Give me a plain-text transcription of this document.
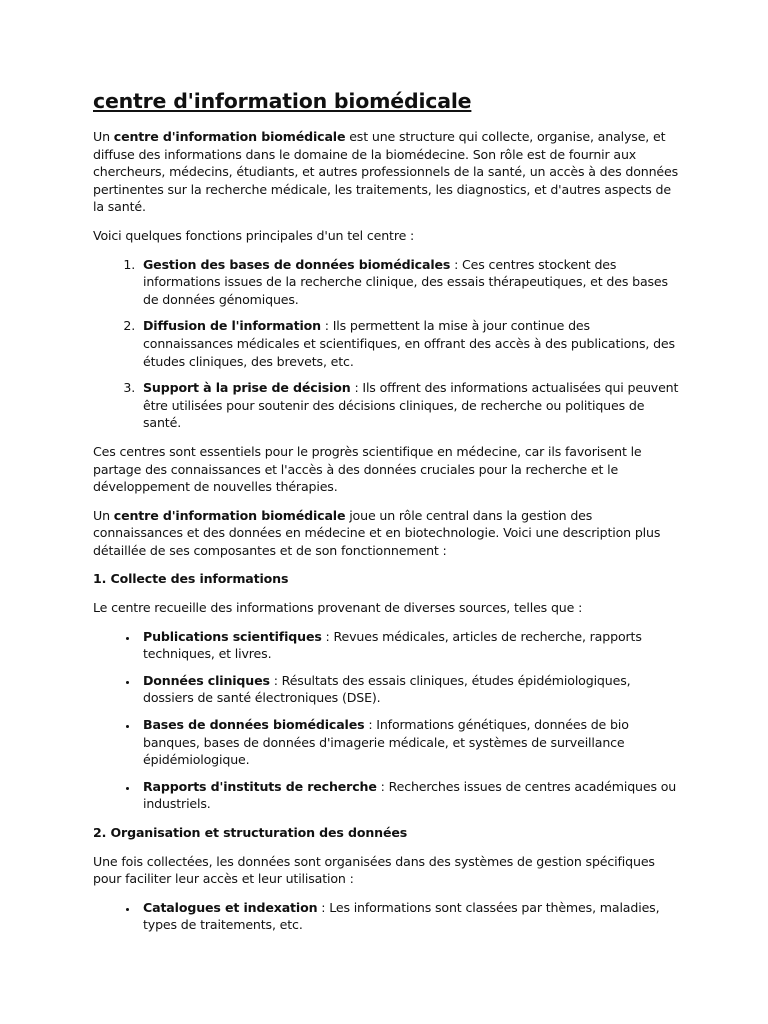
centre d'information biomédicale

Un centre d'information biomédicale est une structure qui collecte, organise, analyse, et diffuse des informations dans le domaine de la biomédecine. Son rôle est de fournir aux chercheurs, médecins, étudiants, et autres professionnels de la santé, un accès à des données pertinentes sur la recherche médicale, les traitements, les diagnostics, et d'autres aspects de la santé.

Voici quelques fonctions principales d'un tel centre :

1. Gestion des bases de données biomédicales : Ces centres stockent des informations issues de la recherche clinique, des essais thérapeutiques, et des bases de données génomiques.
2. Diffusion de l'information : Ils permettent la mise à jour continue des connaissances médicales et scientifiques, en offrant des accès à des publications, des études cliniques, des brevets, etc.
3. Support à la prise de décision : Ils offrent des informations actualisées qui peuvent être utilisées pour soutenir des décisions cliniques, de recherche ou politiques de santé.

Ces centres sont essentiels pour le progrès scientifique en médecine, car ils favorisent le partage des connaissances et l'accès à des données cruciales pour la recherche et le développement de nouvelles thérapies.

Un centre d'information biomédicale joue un rôle central dans la gestion des connaissances et des données en médecine et en biotechnologie. Voici une description plus détaillée de ses composantes et de son fonctionnement :

1. Collecte des informations

Le centre recueille des informations provenant de diverses sources, telles que :

• Publications scientifiques : Revues médicales, articles de recherche, rapports techniques, et livres.
• Données cliniques : Résultats des essais cliniques, études épidémiologiques, dossiers de santé électroniques (DSE).
• Bases de données biomédicales : Informations génétiques, données de bio banques, bases de données d'imagerie médicale, et systèmes de surveillance épidémiologique.
• Rapports d'instituts de recherche : Recherches issues de centres académiques ou industriels.

2. Organisation et structuration des données

Une fois collectées, les données sont organisées dans des systèmes de gestion spécifiques pour faciliter leur accès et leur utilisation :

• Catalogues et indexation : Les informations sont classées par thèmes, maladies, types de traitements, etc.
